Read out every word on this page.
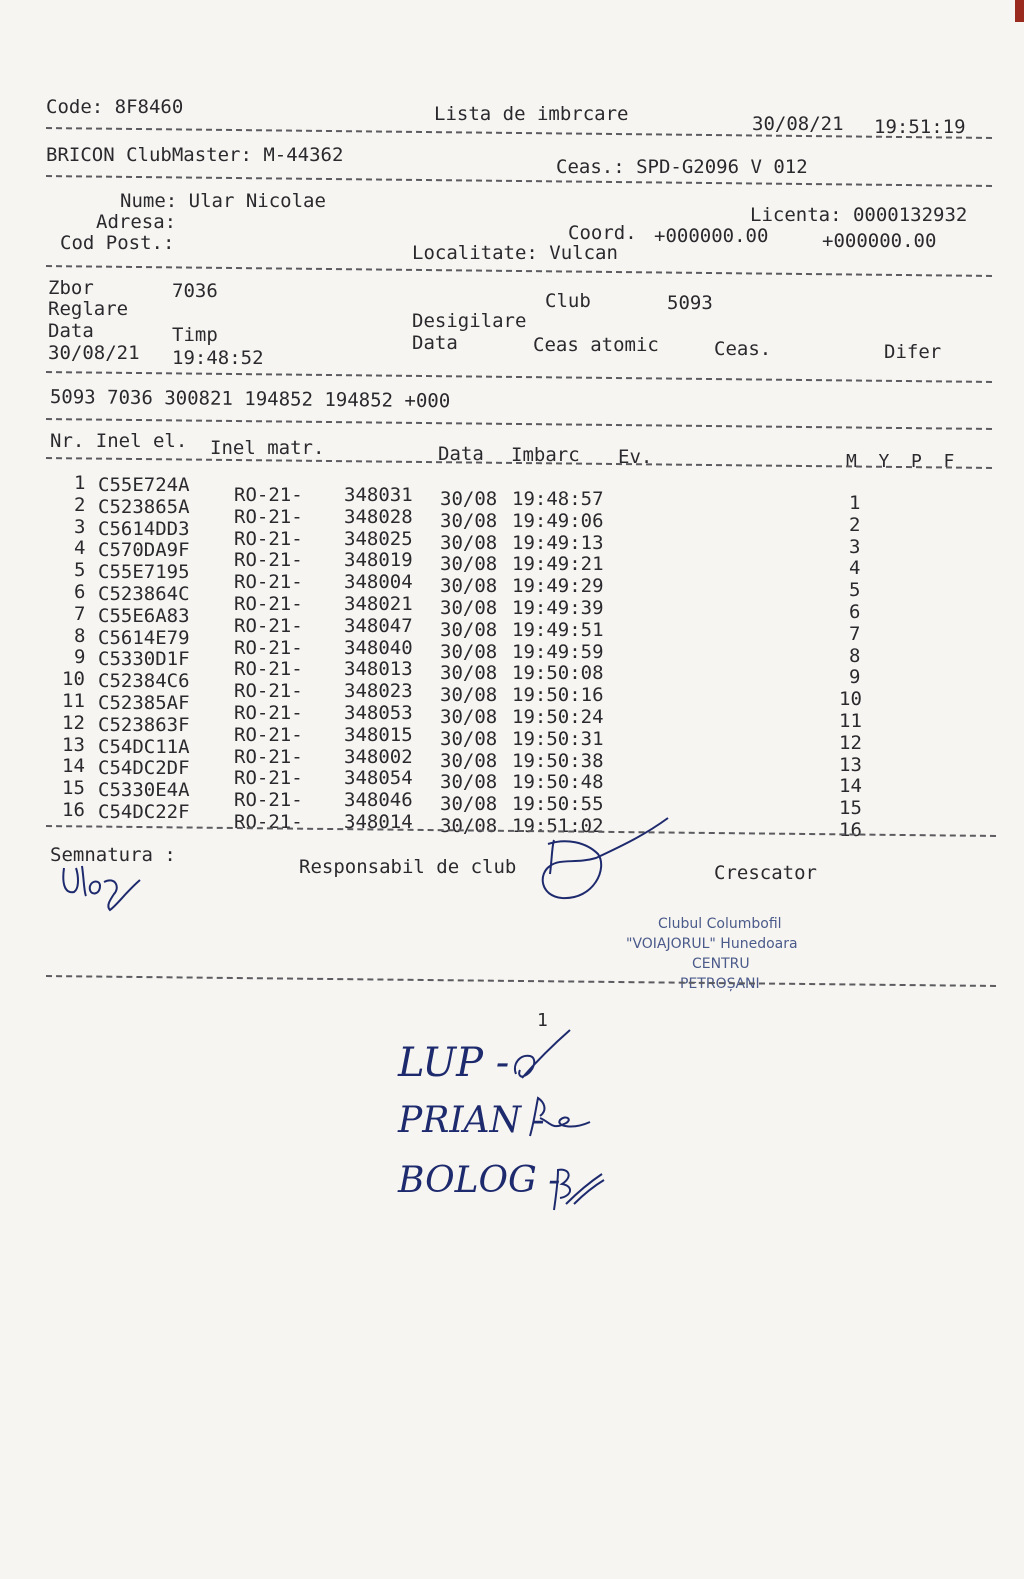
Code: 8F8460	Lista de imbrcare	30/08/21 19:51:19
BRICON ClubMaster: M-44362
Ceas.: SPD-G2096 V 012
Nume: Ular Nicolae
Adresa:
Cod Post.:
Licenta: 0000132932
Coord. +000000.00	+000000.00
Localitate: Vulcan
Zbor	7036
Reglare
Data	Timp
30/08/21 19:48:52
Club	5093
Desigilare
Data	Ceas atomic	Ceas.	Difer
5093 7036 300821 194852 194852 +000
Nr. Inel el. Inel matr.	Data Imbarc Ev.	M  Y  P  F
1 C55E724A RO-21- 348031 30/08 19:48:57	1
2 C523865A RO-21- 348028 30/08 19:49:06	2
3 C5614DD3 RO-21- 348025 30/08 19:49:13	3
4 C570DA9F RO-21- 348019 30/08 19:49:21	4
5 C55E7195 RO-21- 348004 30/08 19:49:29	5
6 C523864C RO-21- 348021 30/08 19:49:39	6
7 C55E6A83 RO-21- 348047 30/08 19:49:51	7
8 C5614E79 RO-21- 348040 30/08 19:49:59	8
9 C5330D1F RO-21- 348013 30/08 19:50:08	9
10 C52384C6 RO-21- 348023 30/08 19:50:16	10
11 C52385AF RO-21- 348053 30/08 19:50:24	11
12 C523863F RO-21- 348015 30/08 19:50:31	12
13 C54DC11A RO-21- 348002 30/08 19:50:38	13
14 C54DC2DF RO-21- 348054 30/08 19:50:48	14
15 C5330E4A RO-21- 348046 30/08 19:50:55	15
16 C54DC22F RO-21- 348014 30/08 19:51:02	16
Semnatura :
Responsabil de club	Crescator
Clubul Columbofil
"VOIAJORUL" Hunedoara
CENTRU
PETROȘANI
1
LUP -
PRIAN -
BOLOG -
